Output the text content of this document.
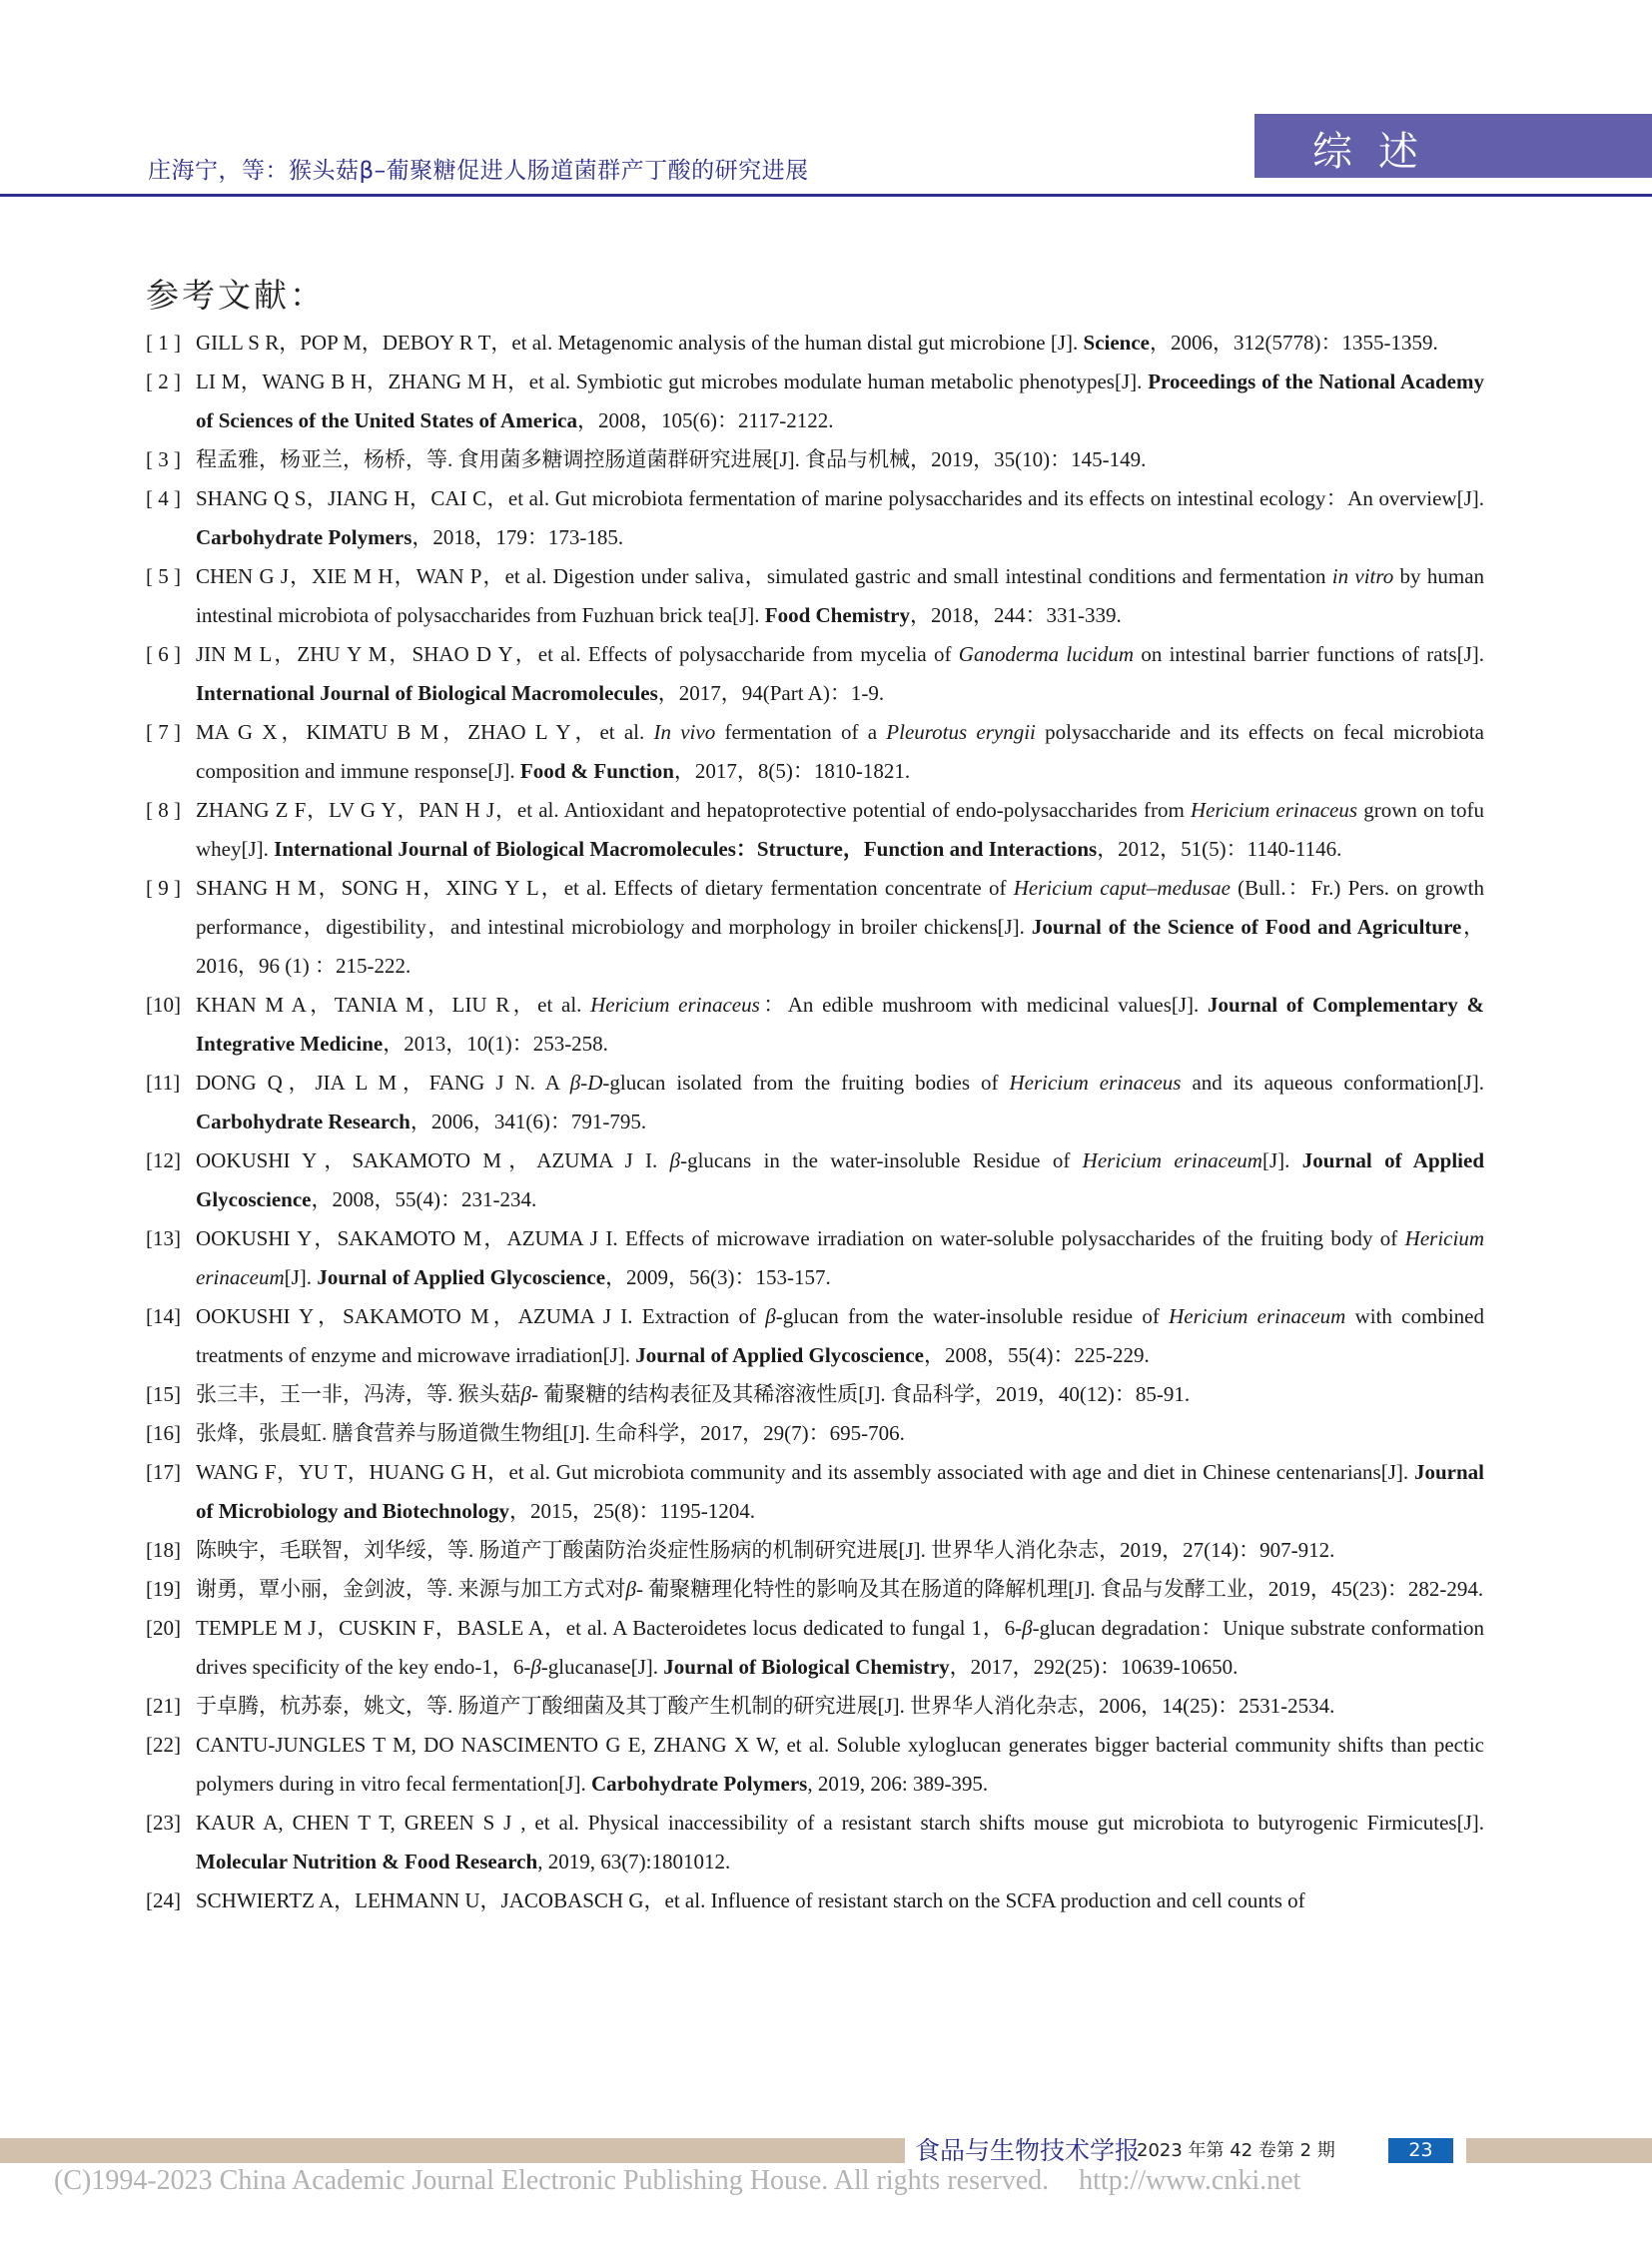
庄海宁，等：猴头菇β–葡聚糖促进人肠道菌群产丁酸的研究进展	综述
参考文献：
[ 1 ] GILL S R，POP M，DEBOY R T，et al. Metagenomic analysis of the human distal gut microbione [J]. Science，2006，312(5778)：1355-1359.
[ 2 ] LI M，WANG B H，ZHANG M H，et al. Symbiotic gut microbes modulate human metabolic phenotypes[J]. Proceedings of the National Academy of Sciences of the United States of America，2008，105(6)：2117-2122.
[ 3 ] 程孟雅，杨亚兰，杨桥，等. 食用菌多糖调控肠道菌群研究进展[J]. 食品与机械，2019，35(10)：145-149.
[ 4 ] SHANG Q S，JIANG H，CAI C，et al. Gut microbiota fermentation of marine polysaccharides and its effects on intestinal ecology：An overview[J]. Carbohydrate Polymers，2018，179：173-185.
[ 5 ] CHEN G J，XIE M H，WAN P，et al. Digestion under saliva，simulated gastric and small intestinal conditions and fermentation in vitro by human intestinal microbiota of polysaccharides from Fuzhuan brick tea[J]. Food Chemistry，2018，244：331-339.
[ 6 ] JIN M L，ZHU Y M，SHAO D Y，et al. Effects of polysaccharide from mycelia of Ganoderma lucidum on intestinal barrier functions of rats[J]. International Journal of Biological Macromolecules，2017，94(Part A)：1-9.
[ 7 ] MA G X，KIMATU B M，ZHAO L Y，et al. In vivo fermentation of a Pleurotus eryngii polysaccharide and its effects on fecal microbiota composition and immune response[J]. Food & Function，2017，8(5)：1810-1821.
[ 8 ] ZHANG Z F，LV G Y，PAN H J，et al. Antioxidant and hepatoprotective potential of endo-polysaccharides from Hericium erinaceus grown on tofu whey[J]. International Journal of Biological Macromolecules：Structure，Function and Interactions，2012，51(5)：1140-1146.
[ 9 ] SHANG H M，SONG H，XING Y L，et al. Effects of dietary fermentation concentrate of Hericium caput–medusae (Bull.：Fr.) Pers. on growth performance，digestibility，and intestinal microbiology and morphology in broiler chickens[J]. Journal of the Science of Food and Agriculture，2016，96 (1) ：215-222.
[10] KHAN M A，TANIA M，LIU R，et al. Hericium erinaceus：An edible mushroom with medicinal values[J]. Journal of Complementary & Integrative Medicine，2013，10(1)：253-258.
[11] DONG Q，JIA L M，FANG J N. A β-D-glucan isolated from the fruiting bodies of Hericium erinaceus and its aqueous conformation[J]. Carbohydrate Research，2006，341(6)：791-795.
[12] OOKUSHI Y，SAKAMOTO M，AZUMA J I. β-glucans in the water-insoluble Residue of Hericium erinaceum[J]. Journal of Applied Glycoscience，2008，55(4)：231-234.
[13] OOKUSHI Y，SAKAMOTO M，AZUMA J I. Effects of microwave irradiation on water-soluble polysaccharides of the fruiting body of Hericium erinaceum[J]. Journal of Applied Glycoscience，2009，56(3)：153-157.
[14] OOKUSHI Y，SAKAMOTO M，AZUMA J I. Extraction of β-glucan from the water-insoluble residue of Hericium erinaceum with combined treatments of enzyme and microwave irradiation[J]. Journal of Applied Glycoscience，2008，55(4)：225-229.
[15] 张三丰，王一非，冯涛，等. 猴头菇β- 葡聚糖的结构表征及其稀溶液性质[J]. 食品科学，2019，40(12)：85-91.
[16] 张烽，张晨虹. 膳食营养与肠道微生物组[J]. 生命科学，2017，29(7)：695-706.
[17] WANG F，YU T，HUANG G H，et al. Gut microbiota community and its assembly associated with age and diet in Chinese centenarians[J]. Journal of Microbiology and Biotechnology，2015，25(8)：1195-1204.
[18] 陈映宇，毛联智，刘华绥，等. 肠道产丁酸菌防治炎症性肠病的机制研究进展[J]. 世界华人消化杂志，2019，27(14)：907-912.
[19] 谢勇，覃小丽，金剑波，等. 来源与加工方式对β- 葡聚糖理化特性的影响及其在肠道的降解机理[J]. 食品与发酵工业，2019，45(23)：282-294.
[20] TEMPLE M J，CUSKIN F，BASLE A，et al. A Bacteroidetes locus dedicated to fungal 1，6-β-glucan degradation：Unique substrate conformation drives specificity of the key endo-1，6-β-glucanase[J]. Journal of Biological Chemistry，2017，292(25)：10639-10650.
[21] 于卓腾，杭苏泰，姚文，等. 肠道产丁酸细菌及其丁酸产生机制的研究进展[J]. 世界华人消化杂志，2006，14(25)：2531-2534.
[22] CANTU-JUNGLES T M, DO NASCIMENTO G E, ZHANG X W, et al. Soluble xyloglucan generates bigger bacterial community shifts than pectic polymers during in vitro fecal fermentation[J]. Carbohydrate Polymers, 2019, 206: 389-395.
[23] KAUR A, CHEN T T, GREEN S J , et al. Physical inaccessibility of a resistant starch shifts mouse gut microbiota to butyrogenic Firmicutes[J]. Molecular Nutrition & Food Research, 2019, 63(7):1801012.
[24] SCHWIERTZ A，LEHMANN U，JACOBASCH G，et al. Influence of resistant starch on the SCFA production and cell counts of
食品与生物技术学报
2023 年第 42 卷第 2 期	23
(C)1994-2023 China Academic Journal Electronic Publishing House. All rights reserved. http://www.cnki.net
